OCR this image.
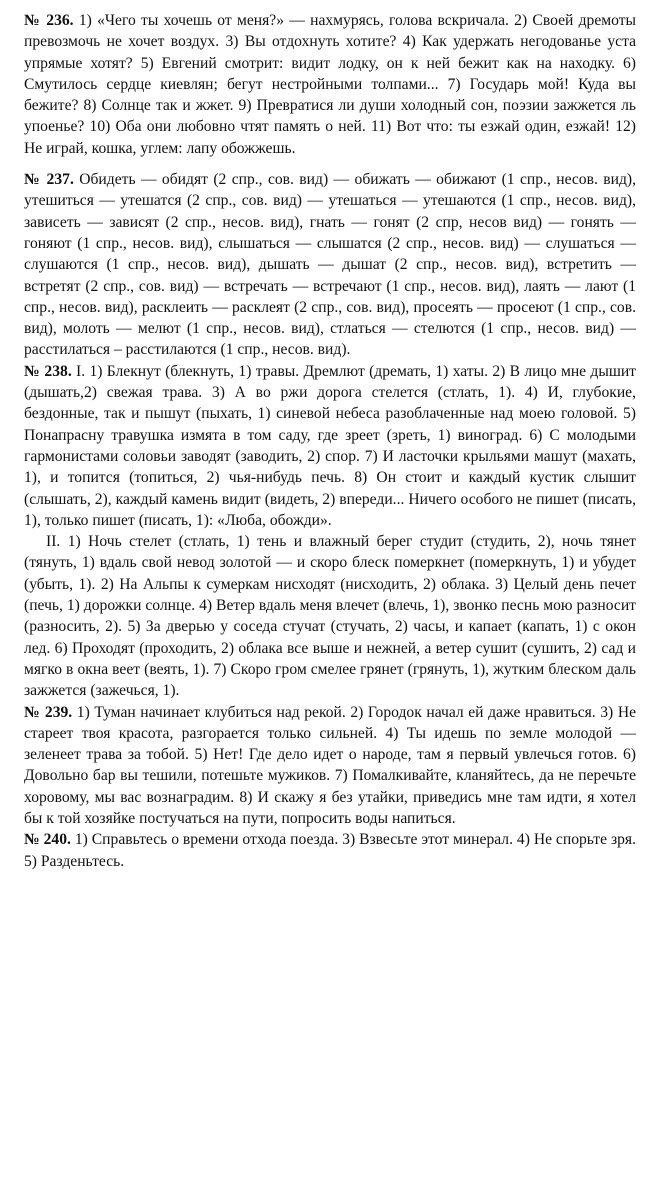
№ 236. 1) «Чего ты хочешь от меня?» — нахмурясь, голова вскричала. 2) Своей дремоты превозмочь не хочет воздух. 3) Вы отдохнуть хотите? 4) Как удержать негодованье уста упрямые хотят? 5) Евгений смотрит: видит лодку, он к ней бежит как на находку. 6) Смутилось сердце киевлян; бегут нестройными толпами... 7) Государь мой! Куда вы бежите? 8) Солнце так и жжет. 9) Превратися ли души холодный сон, поэзии зажжется ль упоенье? 10) Оба они любовно чтят память о ней. 11) Вот что: ты езжай один, езжай! 12) Не играй, кошка, углем: лапу обожжешь.

№ 237. Обидеть — обидят (2 спр., сов. вид) — обижать — обижают (1 спр., несов. вид), утешиться — утешатся (2 спр., сов. вид) — утешаться — утешаются (1 спр., несов. вид), зависеть — зависят (2 спр., несов. вид), гнать — гонят (2 спр, несов вид) — гонять — гоняют (1 спр., несов. вид), слышаться — слышатся (2 спр., несов. вид) — слушаться — слушаются (1 спр., несов. вид), дышать — дышат (2 спр., несов. вид), встретить — встретят (2 спр., сов. вид) — встречать — встречают (1 спр., несов. вид), лаять — лают (1 спр., несов. вид), расклеить — расклеят (2 спр., сов. вид), просеять — просеют (1 спр., сов. вид), молоть — мелют (1 спр., несов. вид), стлаться — стелются (1 спр., несов. вид) — расстилаться – расстилаются (1 спр., несов. вид).

№ 238. I. 1) Блекнут (блекнуть, 1) травы. Дремлют (дремать, 1) хаты. 2) В лицо мне дышит (дышать,2) свежая трава. 3) А во ржи дорога стелется (стлать, 1). 4) И, глубокие, бездонные, так и пышут (пыхать, 1) синевой небеса разоблаченные над моею головой. 5) Понапрасну травушка измята в том саду, где зреет (зреть, 1) виноград. 6) С молодыми гармонистами соловьи заводят (заводить, 2) спор. 7) И ласточки крыльями машут (махать, 1), и топится (топиться, 2) чья-нибудь печь. 8) Он стоит и каждый кустик слышит (слышать, 2), каждый камень видит (видеть, 2) впереди... Ничего особого не пишет (писать, 1), только пишет (писать, 1): «Люба, обожди».

II. 1) Ночь стелет (стлать, 1) тень и влажный берег студит (студить, 2), ночь тянет (тянуть, 1) вдаль свой невод золотой — и скоро блеск померкнет (померкнуть, 1) и убудет (убыть, 1). 2) На Альпы к сумеркам нисходят (нисходить, 2) облака. 3) Целый день печет (печь, 1) дорожки солнце. 4) Ветер вдаль меня влечет (влечь, 1), звонко песнь мою разносит (разносить, 2). 5) За дверью у соседа стучат (стучать, 2) часы, и капает (капать, 1) с окон лед. 6) Проходят (проходить, 2) облака все выше и нежней, а ветер сушит (сушить, 2) сад и мягко в окна веет (веять, 1). 7) Скоро гром смелее грянет (грянуть, 1), жутким блеском даль зажжется (зажечься, 1).

№ 239. 1) Туман начинает клубиться над рекой. 2) Городок начал ей даже нравиться. 3) Не стареет твоя красота, разгорается только сильней. 4) Ты идешь по земле молодой — зеленеет трава за тобой. 5) Нет! Где дело идет о народе, там я первый увлечься готов. 6) Довольно бар вы тешили, потешьте мужиков. 7) Помалкивайте, кланяйтесь, да не перечьте хоровому, мы вас вознаградим. 8) И скажу я без утайки, приведись мне там идти, я хотел бы к той хозяйке постучаться на пути, попросить воды напиться.

№ 240. 1) Справьтесь о времени отхода поезда. 3) Взвесьте этот минерал. 4) Не спорьте зря. 5) Разденьтесь.
